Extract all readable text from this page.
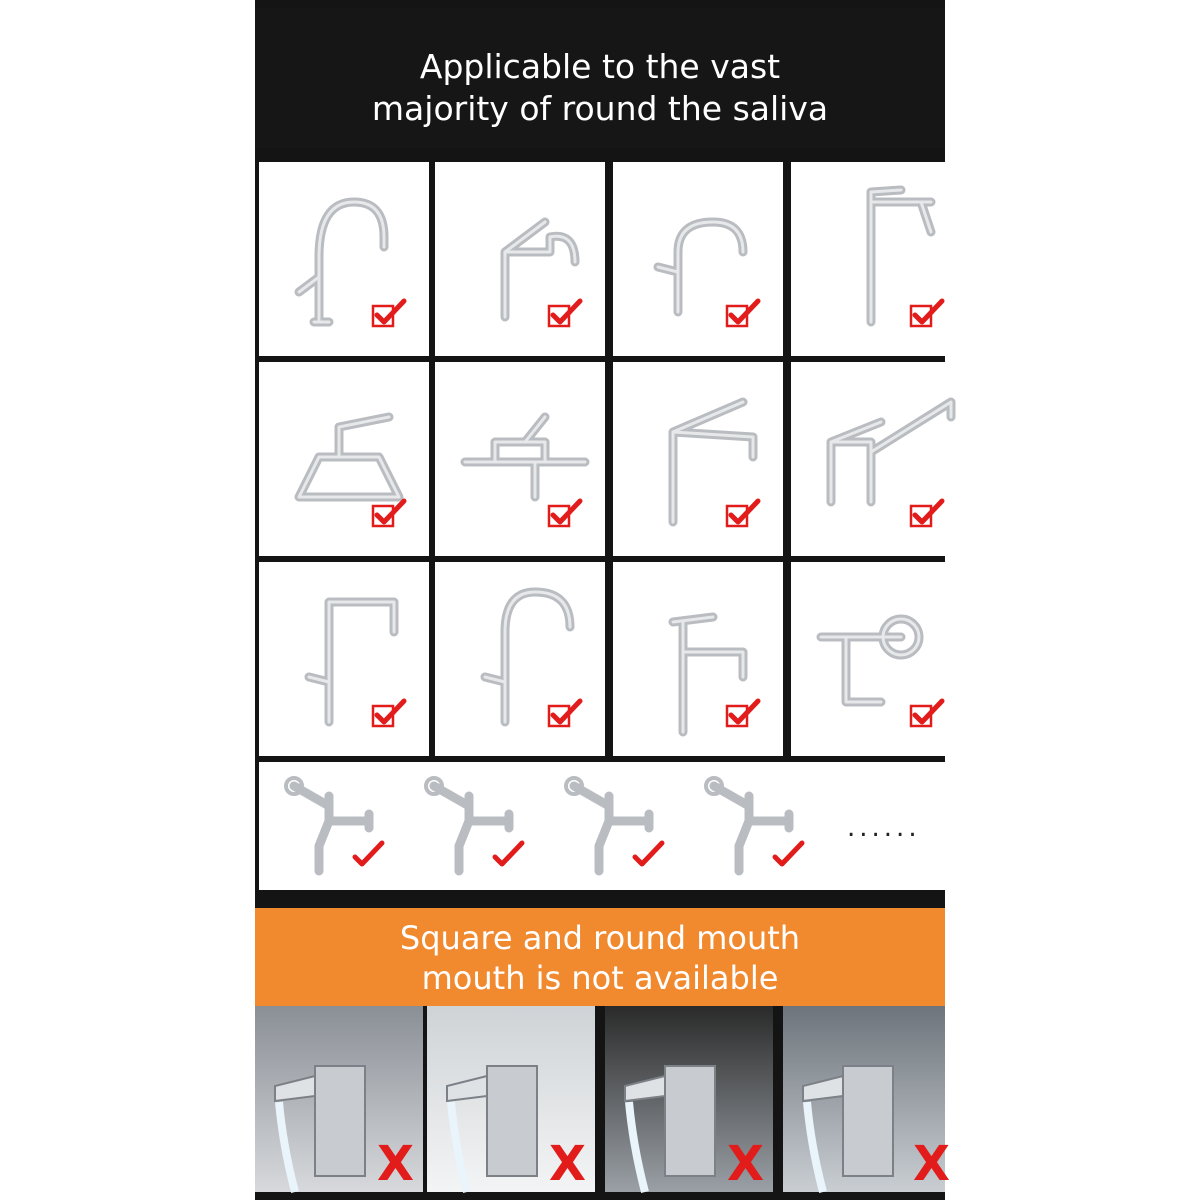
Applicable to the vast
majority of round the saliva
......
Square and round mouth
mouth is not available
X	X	X	X
